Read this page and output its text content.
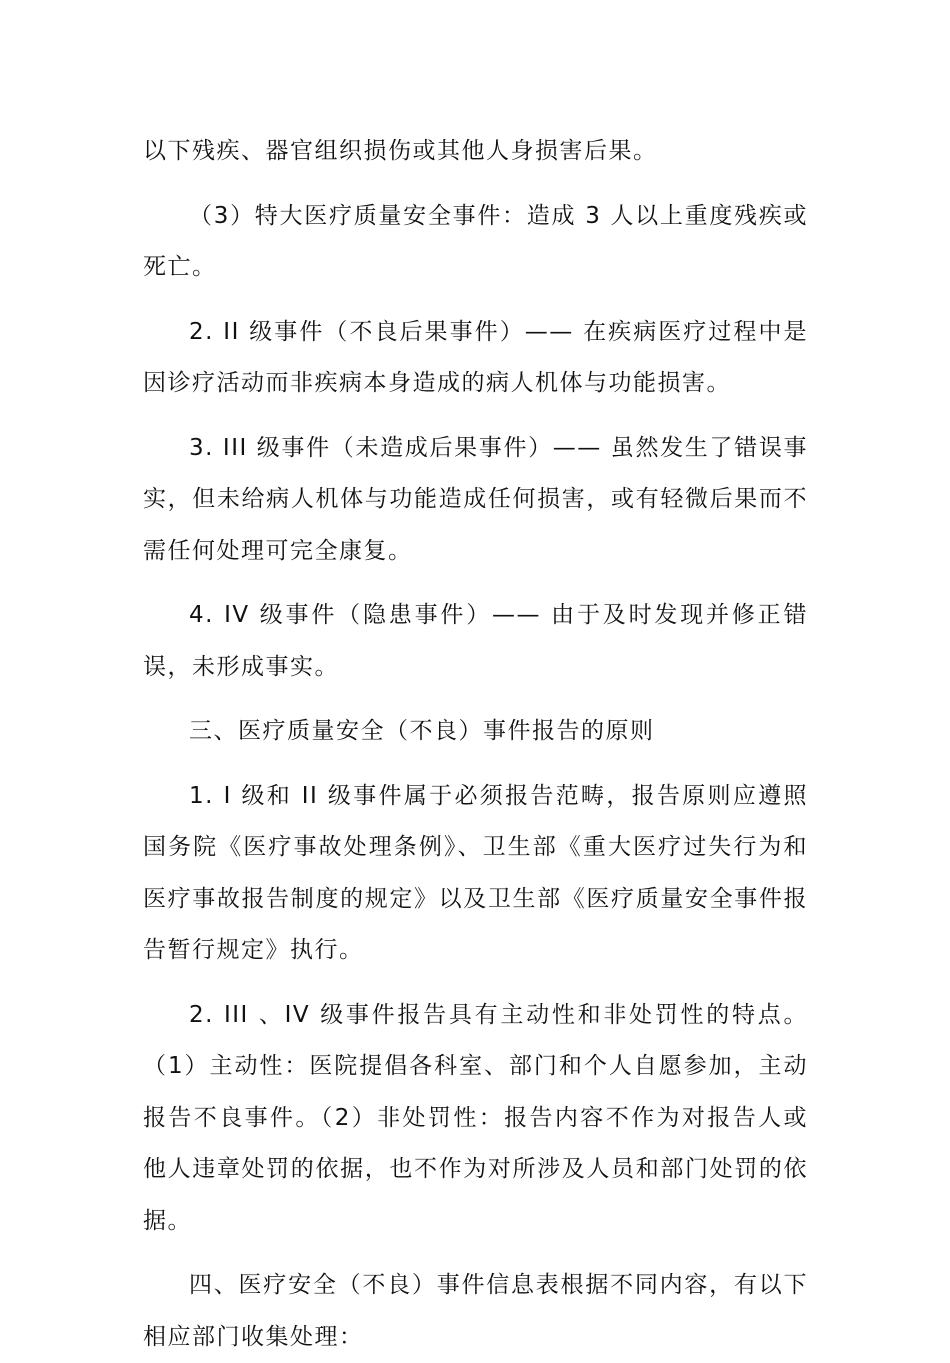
以下残疾、器官组织损伤或其他人身损害后果。

（3）特大医疗质量安全事件：造成 3 人以上重度残疾或死亡。

2. II 级事件（不良后果事件）—— 在疾病医疗过程中是因诊疗活动而非疾病本身造成的病人机体与功能损害。

3. III 级事件（未造成后果事件）—— 虽然发生了错误事实，但未给病人机体与功能造成任何损害，或有轻微后果而不需任何处理可完全康复。

4. IV 级事件（隐患事件）—— 由于及时发现并修正错误，未形成事实。

三、医疗质量安全（不良）事件报告的原则

1. I 级和 II 级事件属于必须报告范畴，报告原则应遵照国务院《医疗事故处理条例》、卫生部《重大医疗过失行为和医疗事故报告制度的规定》以及卫生部《医疗质量安全事件报告暂行规定》执行。

2. III 、IV 级事件报告具有主动性和非处罚性的特点。（1）主动性：医院提倡各科室、部门和个人自愿参加，主动报告不良事件。（2）非处罚性：报告内容不作为对报告人或他人违章处罚的依据，也不作为对所涉及人员和部门处罚的依据。

四、医疗安全（不良）事件信息表根据不同内容，有以下相应部门收集处理：
